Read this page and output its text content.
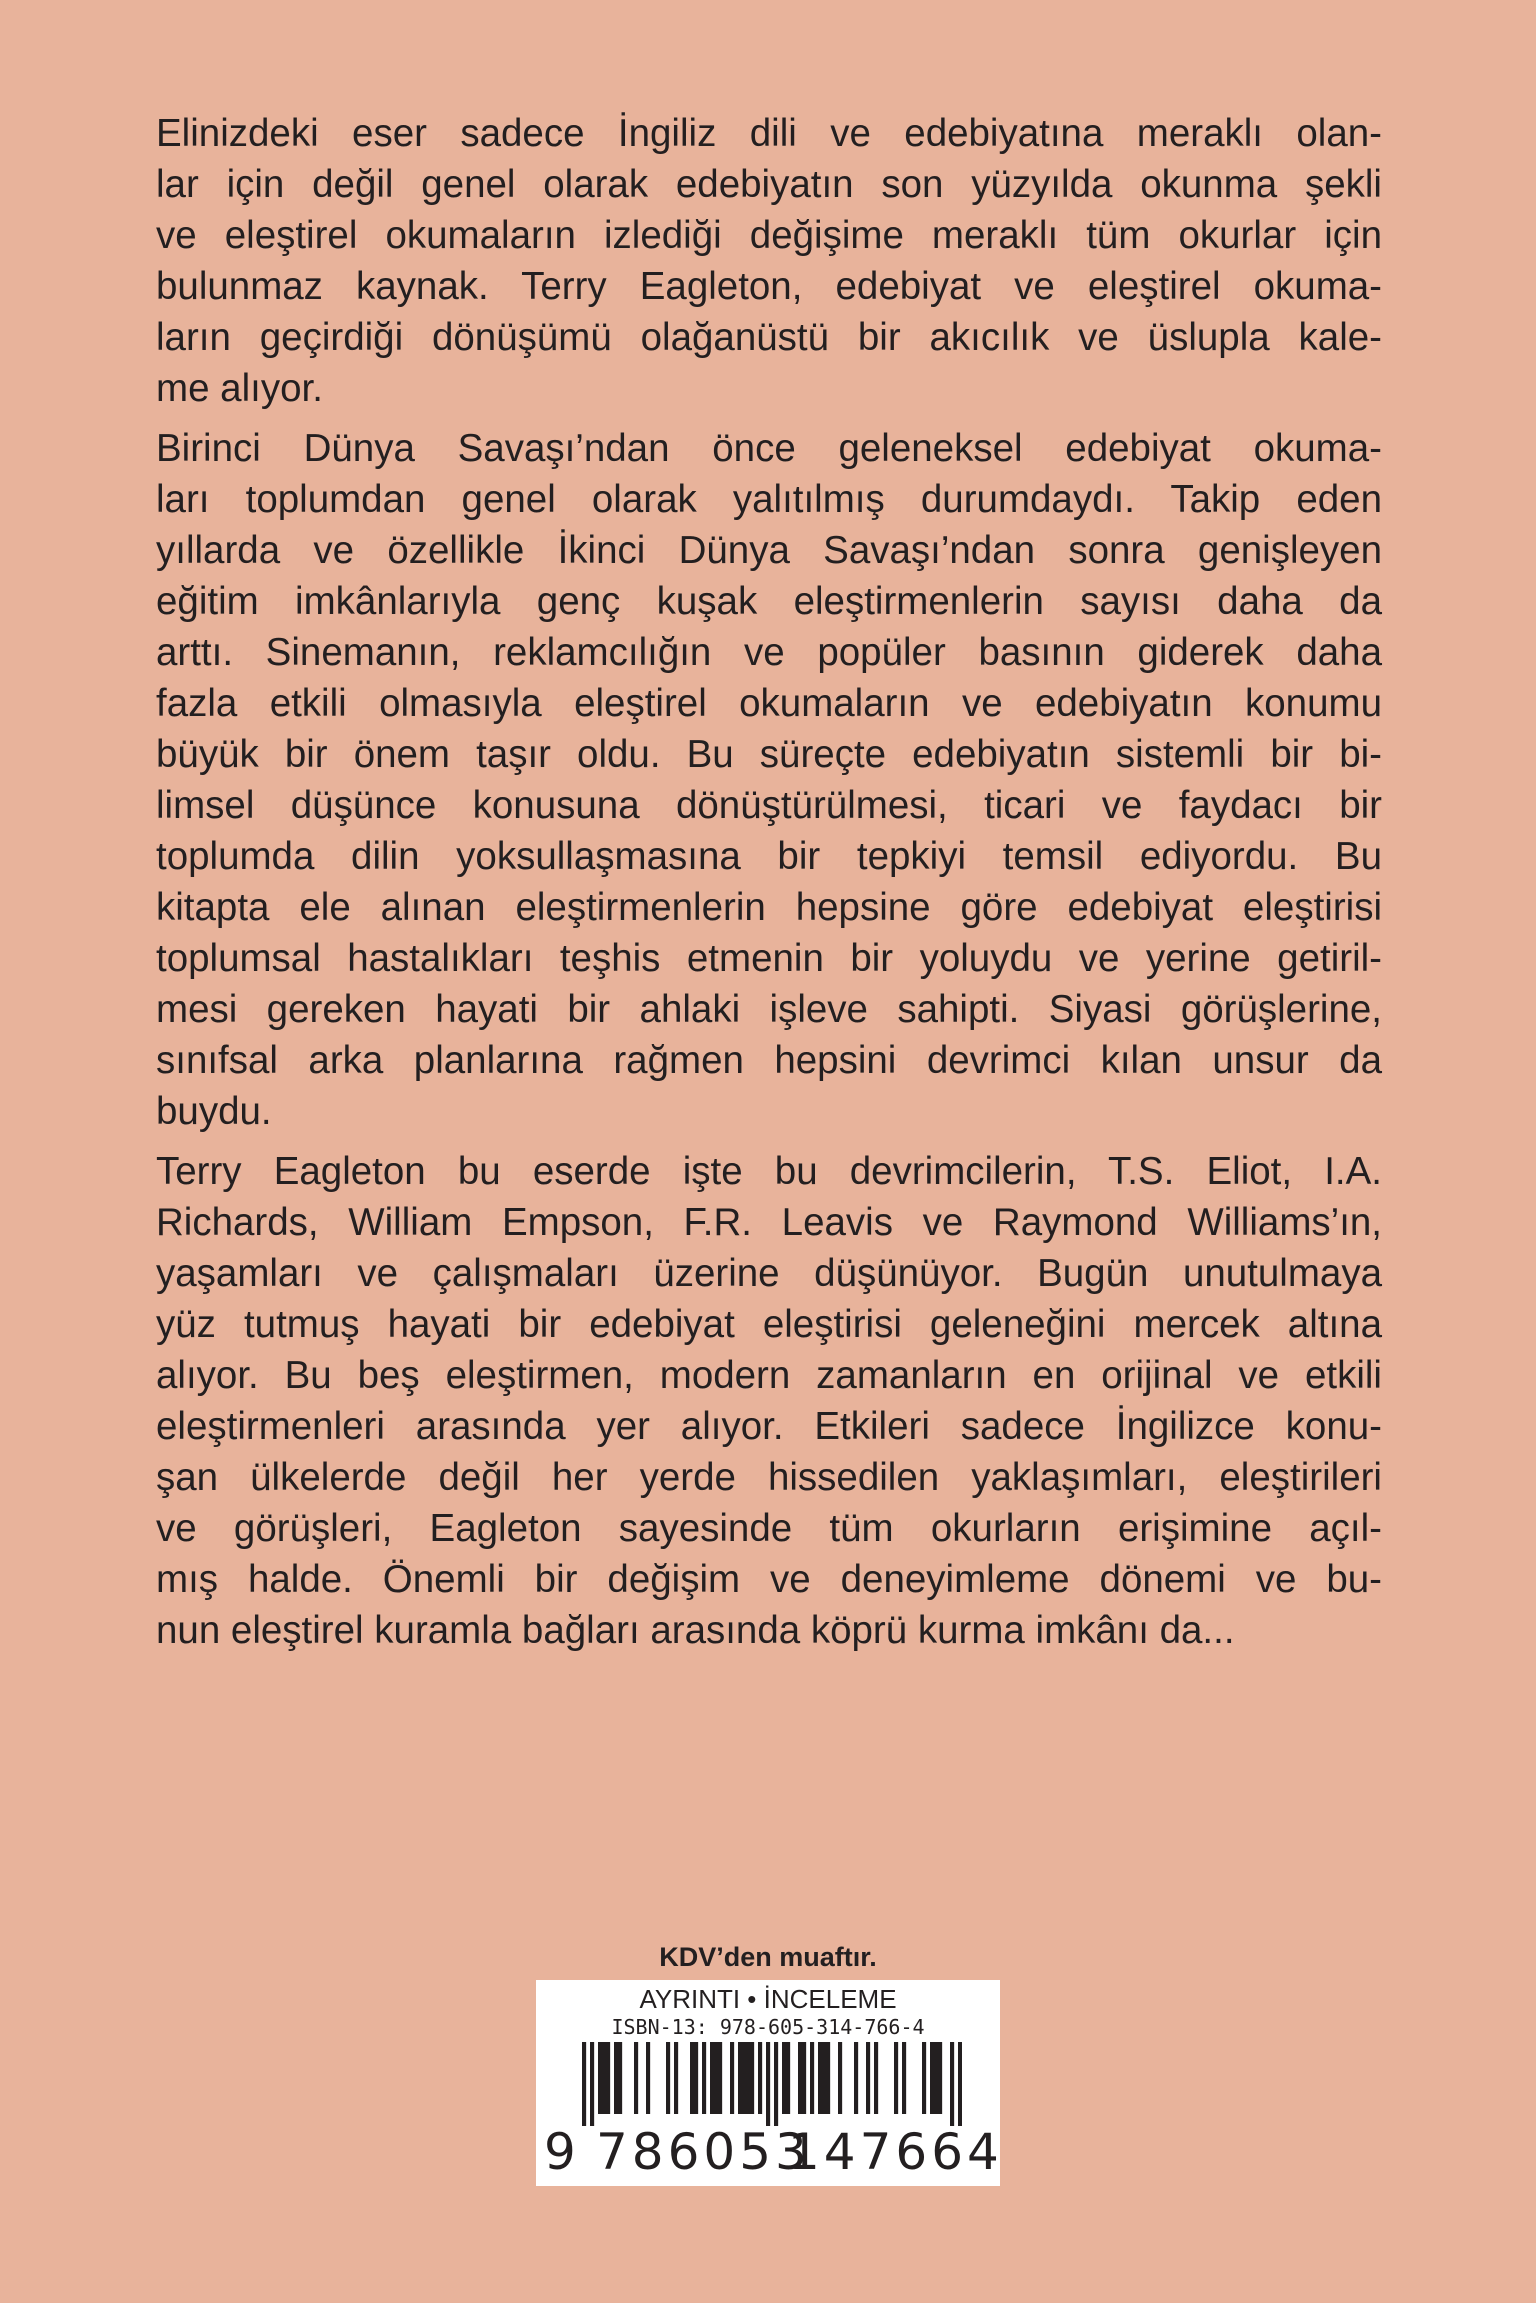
Elinizdeki eser sadece İngiliz dili ve edebiyatına meraklı olan-
lar için değil genel olarak edebiyatın son yüzyılda okunma şekli
ve eleştirel okumaların izlediği değişime meraklı tüm okurlar için
bulunmaz kaynak. Terry Eagleton, edebiyat ve eleştirel okuma-
ların geçirdiği dönüşümü olağanüstü bir akıcılık ve üslupla kale-
me alıyor.
Birinci Dünya Savaşı’ndan önce geleneksel edebiyat okuma-
ları toplumdan genel olarak yalıtılmış durumdaydı. Takip eden
yıllarda ve özellikle İkinci Dünya Savaşı’ndan sonra genişleyen
eğitim imkânlarıyla genç kuşak eleştirmenlerin sayısı daha da
arttı. Sinemanın, reklamcılığın ve popüler basının giderek daha
fazla etkili olmasıyla eleştirel okumaların ve edebiyatın konumu
büyük bir önem taşır oldu. Bu süreçte edebiyatın sistemli bir bi-
limsel düşünce konusuna dönüştürülmesi, ticari ve faydacı bir
toplumda dilin yoksullaşmasına bir tepkiyi temsil ediyordu. Bu
kitapta ele alınan eleştirmenlerin hepsine göre edebiyat eleştirisi
toplumsal hastalıkları teşhis etmenin bir yoluydu ve yerine getiril-
mesi gereken hayati bir ahlaki işleve sahipti. Siyasi görüşlerine,
sınıfsal arka planlarına rağmen hepsini devrimci kılan unsur da
buydu.
Terry Eagleton bu eserde işte bu devrimcilerin, T.S. Eliot, I.A.
Richards, William Empson, F.R. Leavis ve Raymond Williams’ın,
yaşamları ve çalışmaları üzerine düşünüyor. Bugün unutulmaya
yüz tutmuş hayati bir edebiyat eleştirisi geleneğini mercek altına
alıyor. Bu beş eleştirmen, modern zamanların en orijinal ve etkili
eleştirmenleri arasında yer alıyor. Etkileri sadece İngilizce konu-
şan ülkelerde değil her yerde hissedilen yaklaşımları, eleştirileri
ve görüşleri, Eagleton sayesinde tüm okurların erişimine açıl-
mış halde. Önemli bir değişim ve deneyimleme dönemi ve bu-
nun eleştirel kuramla bağları arasında köprü kurma imkânı da...
KDV’den muaftır.
AYRINTI • İNCELEME
ISBN-13: 978-605-314-766-4
9 786053
147664
